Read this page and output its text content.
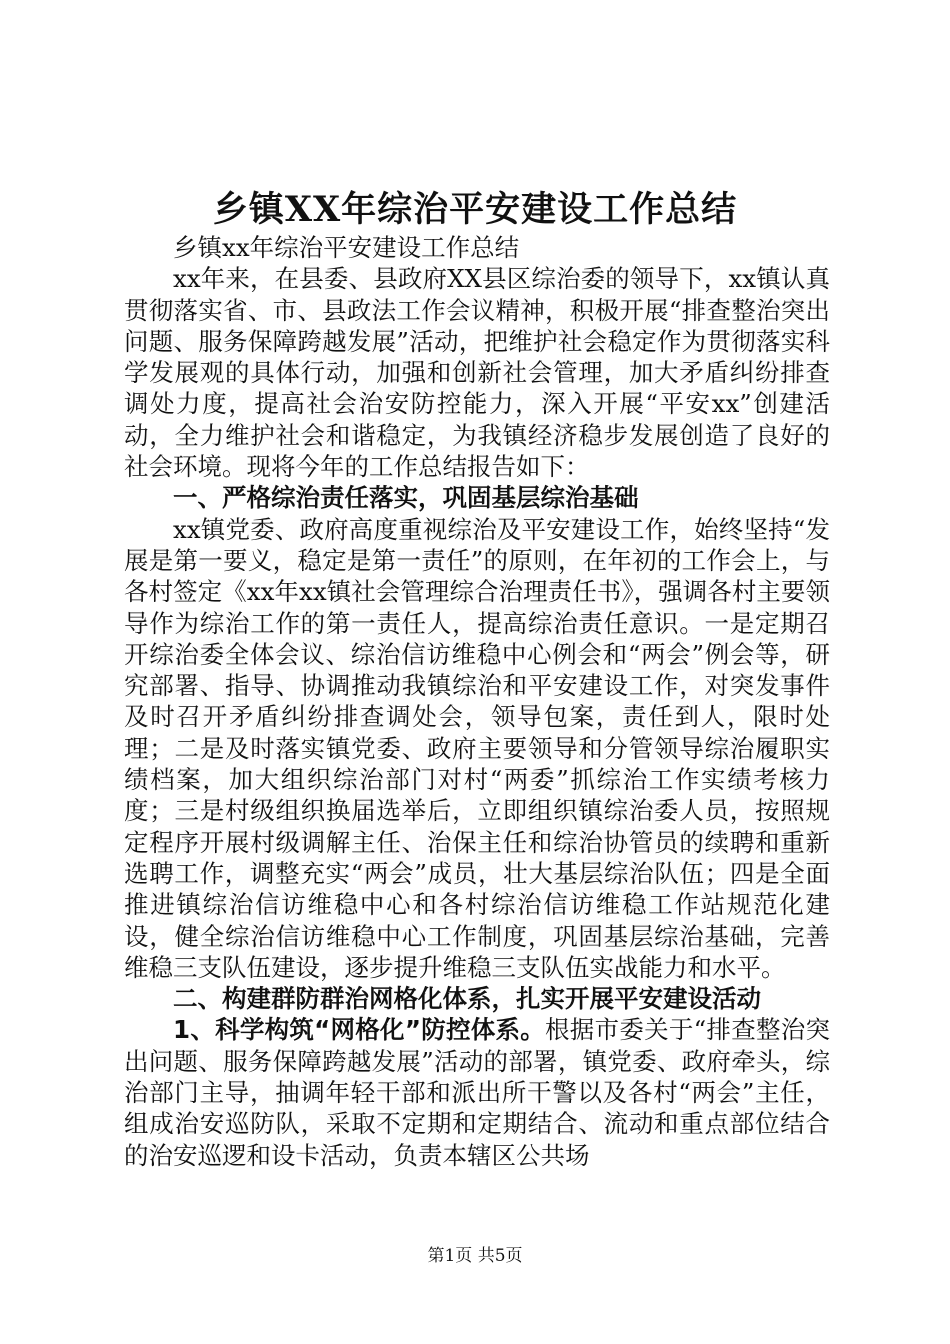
乡镇XX年综治平安建设工作总结

乡镇xx年综治平安建设工作总结

xx年来，在县委、县政府XX县区综治委的领导下，xx镇认真贯彻落实省、市、县政法工作会议精神，积极开展“排查整治突出问题、服务保障跨越发展”活动，把维护社会稳定作为贯彻落实科学发展观的具体行动，加强和创新社会管理，加大矛盾纠纷排查调处力度，提高社会治安防控能力，深入开展“平安xx”创建活动，全力维护社会和谐稳定，为我镇经济稳步发展创造了良好的社会环境。现将今年的工作总结报告如下：

一、严格综治责任落实，巩固基层综治基础

xx镇党委、政府高度重视综治及平安建设工作，始终坚持“发展是第一要义，稳定是第一责任”的原则，在年初的工作会上，与各村签定《xx年xx镇社会管理综合治理责任书》，强调各村主要领导作为综治工作的第一责任人，提高综治责任意识。一是定期召开综治委全体会议、综治信访维稳中心例会和“两会”例会等，研究部署、指导、协调推动我镇综治和平安建设工作，对突发事件及时召开矛盾纠纷排查调处会，领导包案，责任到人，限时处理；二是及时落实镇党委、政府主要领导和分管领导综治履职实绩档案，加大组织综治部门对村“两委”抓综治工作实绩考核力度；三是村级组织换届选举后，立即组织镇综治委人员，按照规定程序开展村级调解主任、治保主任和综治协管员的续聘和重新选聘工作，调整充实“两会”成员，壮大基层综治队伍；四是全面推进镇综治信访维稳中心和各村综治信访维稳工作站规范化建设，健全综治信访维稳中心工作制度，巩固基层综治基础，完善维稳三支队伍建设，逐步提升维稳三支队伍实战能力和水平。

二、构建群防群治网格化体系，扎实开展平安建设活动

1、科学构筑“网格化”防控体系。根据市委关于“排查整治突出问题、服务保障跨越发展”活动的部署，镇党委、政府牵头，综治部门主导，抽调年轻干部和派出所干警以及各村“两会”主任，组成治安巡防队，采取不定期和定期结合、流动和重点部位结合的治安巡逻和设卡活动，负责本辖区公共场

第1页 共5页
